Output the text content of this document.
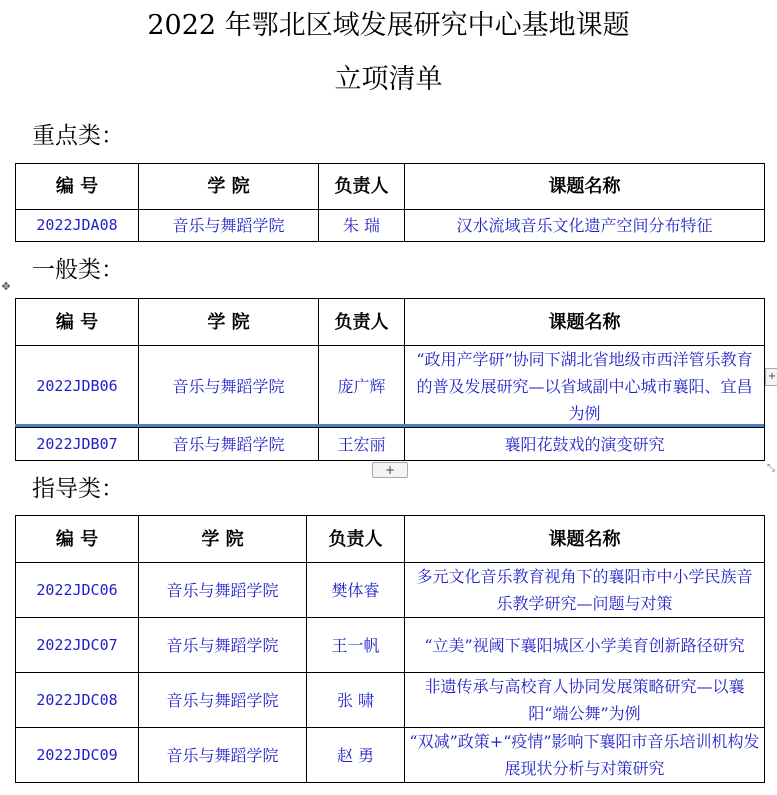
2022 年鄂北区域发展研究中心基地课题
立项清单
重点类：
编 号	学 院	负责人	课题名称
2022JDA08	音乐与舞蹈学院	朱 瑞	汉水流域音乐文化遗产空间分布特征
✥
一般类：
编 号	学 院	负责人	课题名称
2022JDB06	音乐与舞蹈学院	庞广辉	“政用产学研”协同下湖北省地级市西洋管乐教育的普及发展研究—以省域副中心城市襄阳、宜昌为例
2022JDB07	音乐与舞蹈学院	王宏丽	襄阳花鼓戏的演变研究
+
+	⤡
指导类：
编 号	学 院	负责人	课题名称
2022JDC06	音乐与舞蹈学院	樊体睿	多元文化音乐教育视角下的襄阳市中小学民族音乐教学研究—问题与对策
2022JDC07	音乐与舞蹈学院	王一帆	“立美”视阈下襄阳城区小学美育创新路径研究
2022JDC08	音乐与舞蹈学院	张 啸	非遗传承与高校育人协同发展策略研究—以襄阳“端公舞”为例
2022JDC09	音乐与舞蹈学院	赵 勇	“双减”政策+“疫情”影响下襄阳市音乐培训机构发展现状分析与对策研究
